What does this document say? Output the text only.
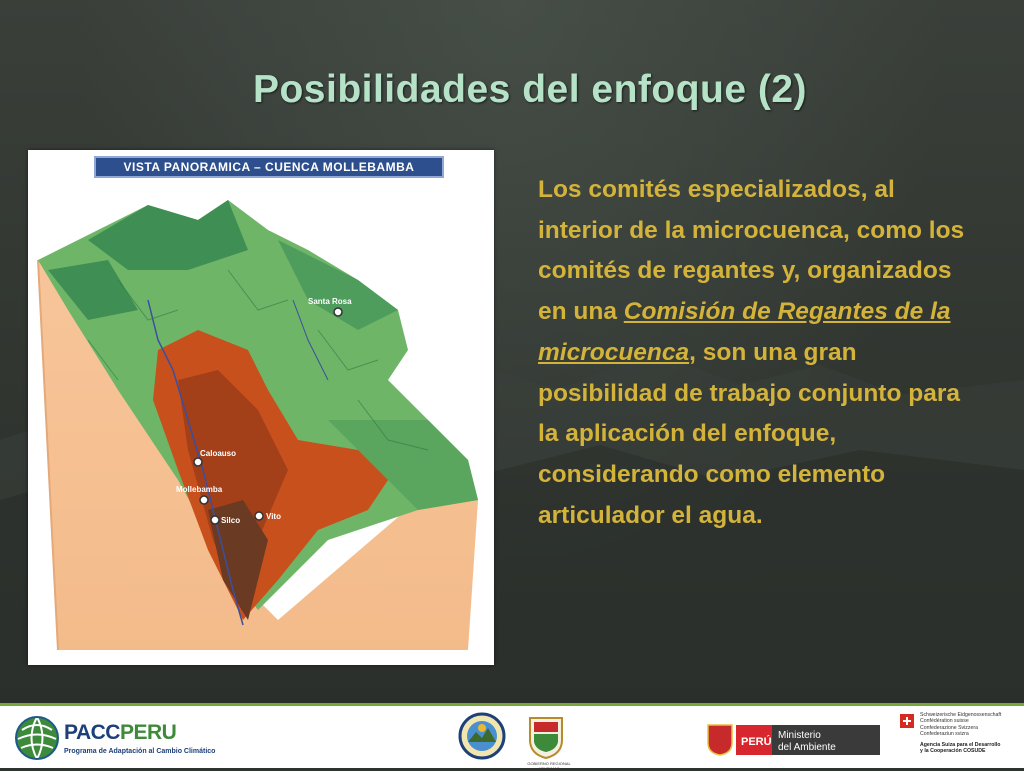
Posibilidades del enfoque (2)
VISTA PANORAMICA – CUENCA MOLLEBAMBA
Santa Rosa
Caloauso
Mollebamba
Silco	Vito
Los comités especializados, al interior de la microcuenca, como los comités de regantes y, organizados en una Comisión de Regantes de la microcuenca, son una gran posibilidad de trabajo conjunto para la aplicación del enfoque, considerando como elemento articulador el agua.
PACCPERU
Programa de Adaptación al Cambio Climático
GOBIERNO REGIONAL APURIMAC
PERÚ
Ministerio
del Ambiente
Schweizerische Eidgenossenschaft
Confédération suisse
Confederazione Svizzera
Confederaziun svizra
Agencia Suiza para el Desarrollo
y la Cooperación COSUDE
